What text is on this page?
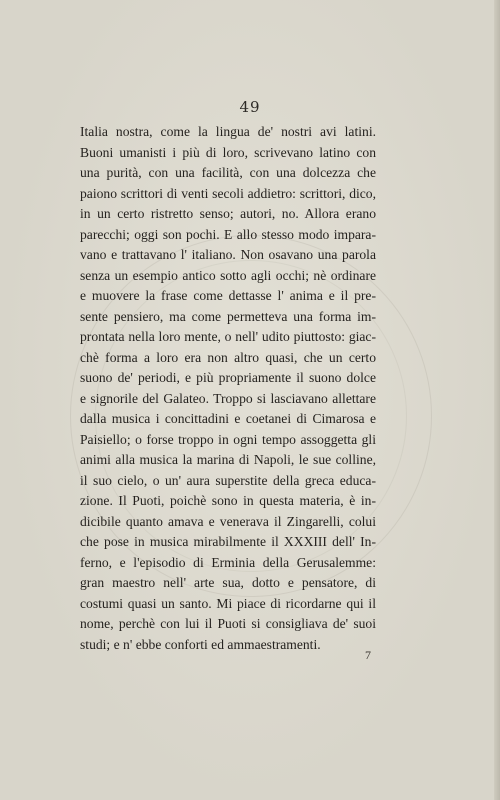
49
Italia nostra, come la lingua de' nostri avi latini.
Buoni umanisti i più di loro, scrivevano latino con
una purità, con una facilità, con una dolcezza che
paiono scrittori di venti secoli addietro: scrittori, dico,
in un certo ristretto senso; autori, no. Allora erano
parecchi; oggi son pochi. E allo stesso modo impara-
vano e trattavano l' italiano. Non osavano una parola
senza un esempio antico sotto agli occhi; nè ordinare
e muovere la frase come dettasse l' anima e il pre-
sente pensiero, ma come permetteva una forma im-
prontata nella loro mente, o nell' udito piuttosto: giac-
chè forma a loro era non altro quasi, che un certo
suono de' periodi, e più propriamente il suono dolce
e signorile del Galateo. Troppo si lasciavano allettare
dalla musica i concittadini e coetanei di Cimarosa e
Paisiello; o forse troppo in ogni tempo assoggetta gli
animi alla musica la marina di Napoli, le sue colline,
il suo cielo, o un' aura superstite della greca educa-
zione. Il Puoti, poichè sono in questa materia, è in-
dicibile quanto amava e venerava il Zingarelli, colui
che pose in musica mirabilmente il XXXIII dell' In-
ferno, e l'episodio di Erminia della Gerusalemme:
gran maestro nell' arte sua, dotto e pensatore, di
costumi quasi un santo. Mi piace di ricordarne qui il
nome, perchè con lui il Puoti si consigliava de' suoi
studi; e n' ebbe conforti ed ammaestramenti.
7
